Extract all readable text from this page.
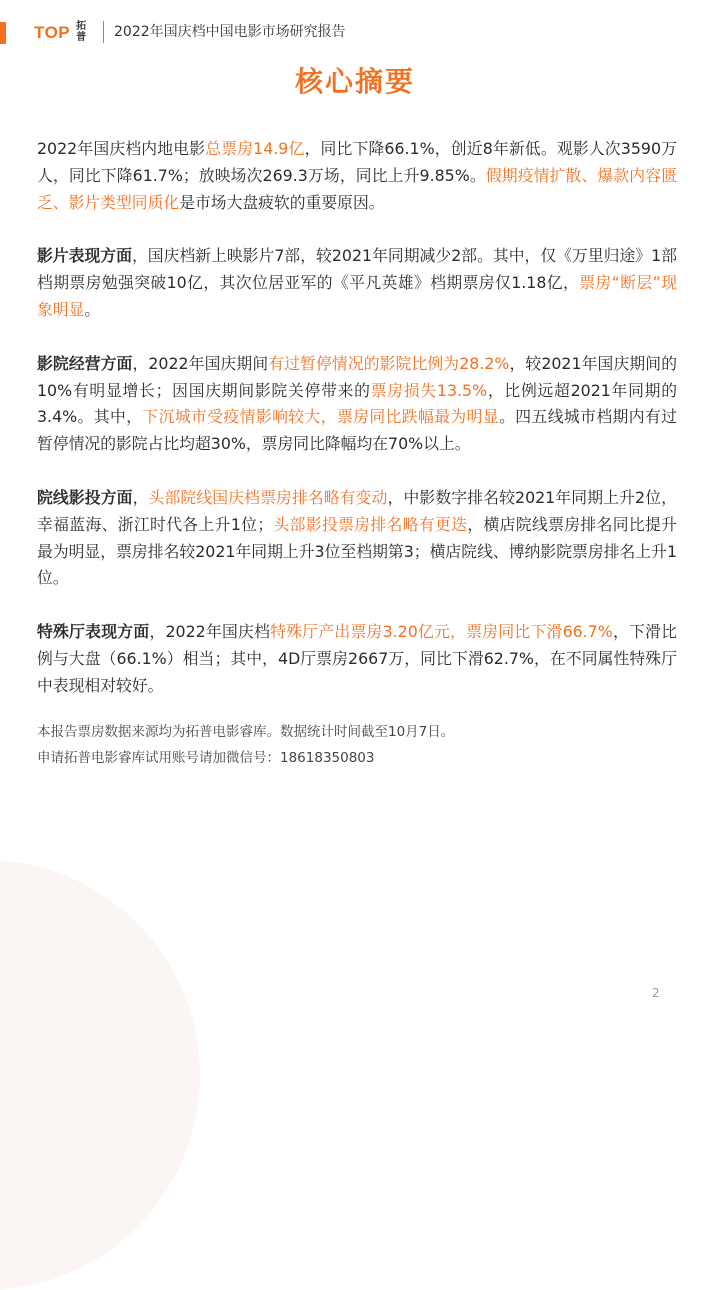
TOP 拓普 2022年国庆档中国电影市场研究报告
核心摘要

2022年国庆档内地电影总票房14.9亿，同比下降66.1%，创近8年新低。观影人次3590万人，同比下降61.7%；放映场次269.3万场，同比上升9.85%。假期疫情扩散、爆款内容匮乏、影片类型同质化是市场大盘疲软的重要原因。

影片表现方面，国庆档新上映影片7部，较2021年同期减少2部。其中，仅《万里归途》1部档期票房勉强突破10亿，其次位居亚军的《平凡英雄》档期票房仅1.18亿，票房“断层”现象明显。

影院经营方面，2022年国庆期间有过暂停情况的影院比例为28.2%，较2021年国庆期间的10%有明显增长；因国庆期间影院关停带来的票房损失13.5%，比例远超2021年同期的3.4%。其中，下沉城市受疫情影响较大，票房同比跌幅最为明显。四五线城市档期内有过暂停情况的影院占比均超30%，票房同比降幅均在70%以上。

院线影投方面，头部院线国庆档票房排名略有变动，中影数字排名较2021年同期上升2位，幸福蓝海、浙江时代各上升1位；头部影投票房排名略有更迭，横店院线票房排名同比提升最为明显，票房排名较2021年同期上升3位至档期第3；横店院线、博纳影院票房排名上升1位。

特殊厅表现方面，2022年国庆档特殊厅产出票房3.20亿元，票房同比下滑66.7%，下滑比例与大盘（66.1%）相当；其中，4D厅票房2667万，同比下滑62.7%，在不同属性特殊厅中表现相对较好。

本报告票房数据来源均为拓普电影睿库。数据统计时间截至10月7日。
申请拓普电影睿库试用账号请加微信号：18618350803
2
